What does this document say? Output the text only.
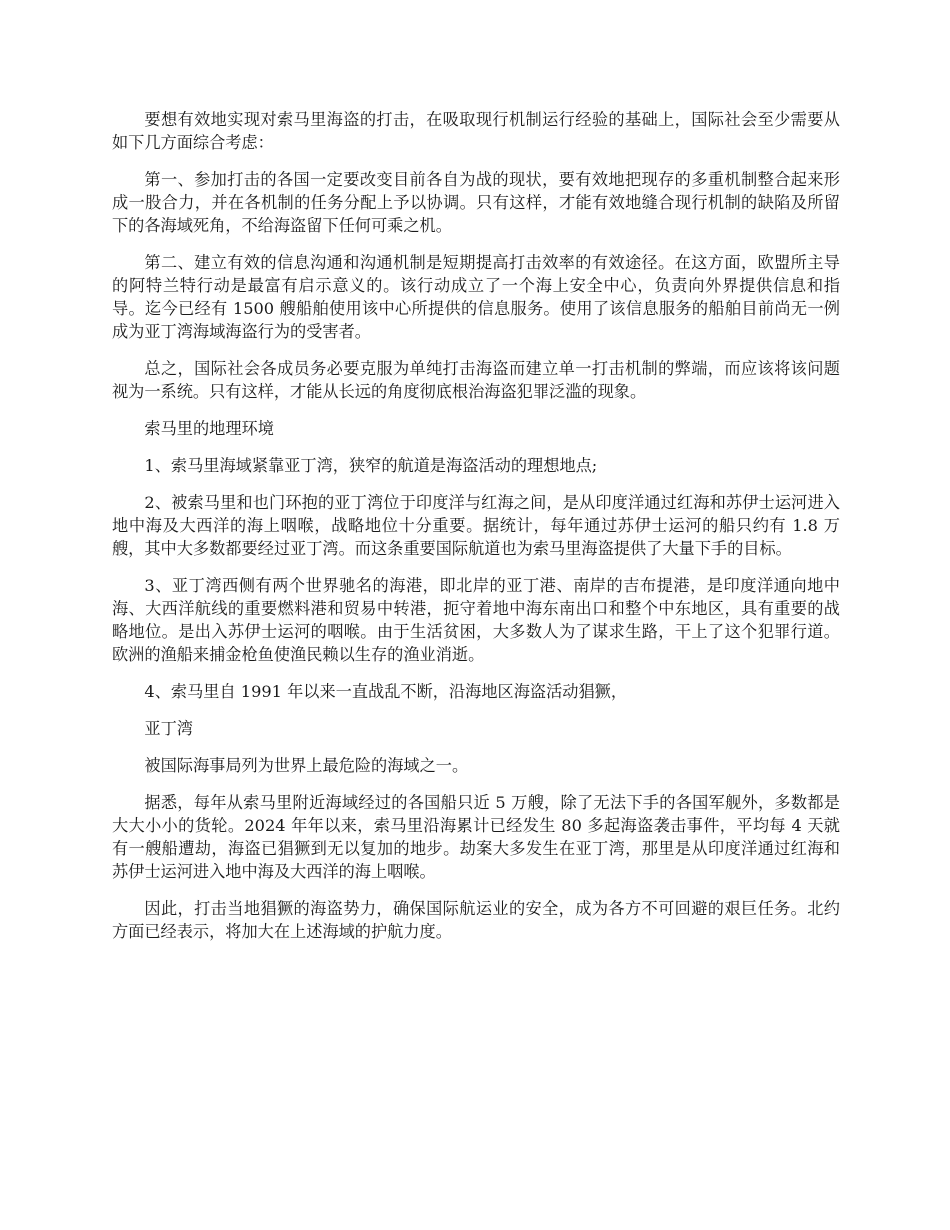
要想有效地实现对索马里海盗的打击，在吸取现行机制运行经验的基础上，国际社会至少需要从如下几方面综合考虑：

第一、参加打击的各国一定要改变目前各自为战的现状，要有效地把现存的多重机制整合起来形成一股合力，并在各机制的任务分配上予以协调。只有这样，才能有效地缝合现行机制的缺陷及所留下的各海域死角，不给海盗留下任何可乘之机。

第二、建立有效的信息沟通和沟通机制是短期提高打击效率的有效途径。在这方面，欧盟所主导的阿特兰特行动是最富有启示意义的。该行动成立了一个海上安全中心，负责向外界提供信息和指导。迄今已经有 1500 艘船舶使用该中心所提供的信息服务。使用了该信息服务的船舶目前尚无一例成为亚丁湾海域海盗行为的受害者。

总之，国际社会各成员务必要克服为单纯打击海盗而建立单一打击机制的弊端，而应该将该问题视为一系统。只有这样，才能从长远的角度彻底根治海盗犯罪泛滥的现象。

索马里的地理环境

1、索马里海域紧靠亚丁湾，狭窄的航道是海盗活动的理想地点;

2、被索马里和也门环抱的亚丁湾位于印度洋与红海之间，是从印度洋通过红海和苏伊士运河进入地中海及大西洋的海上咽喉，战略地位十分重要。据统计，每年通过苏伊士运河的船只约有 1.8 万艘，其中大多数都要经过亚丁湾。而这条重要国际航道也为索马里海盗提供了大量下手的目标。

3、亚丁湾西侧有两个世界驰名的海港，即北岸的亚丁港、南岸的吉布提港，是印度洋通向地中海、大西洋航线的重要燃料港和贸易中转港，扼守着地中海东南出口和整个中东地区，具有重要的战略地位。是出入苏伊士运河的咽喉。由于生活贫困，大多数人为了谋求生路，干上了这个犯罪行道。欧洲的渔船来捕金枪鱼使渔民赖以生存的渔业消逝。

4、索马里自 1991 年以来一直战乱不断，沿海地区海盗活动猖獗，

亚丁湾

被国际海事局列为世界上最危险的海域之一。

据悉，每年从索马里附近海域经过的各国船只近 5 万艘，除了无法下手的各国军舰外，多数都是大大小小的货轮。2024 年年以来，索马里沿海累计已经发生 80 多起海盗袭击事件，平均每 4 天就有一艘船遭劫，海盗已猖獗到无以复加的地步。劫案大多发生在亚丁湾，那里是从印度洋通过红海和苏伊士运河进入地中海及大西洋的海上咽喉。

因此，打击当地猖獗的海盗势力，确保国际航运业的安全，成为各方不可回避的艰巨任务。北约方面已经表示，将加大在上述海域的护航力度。
